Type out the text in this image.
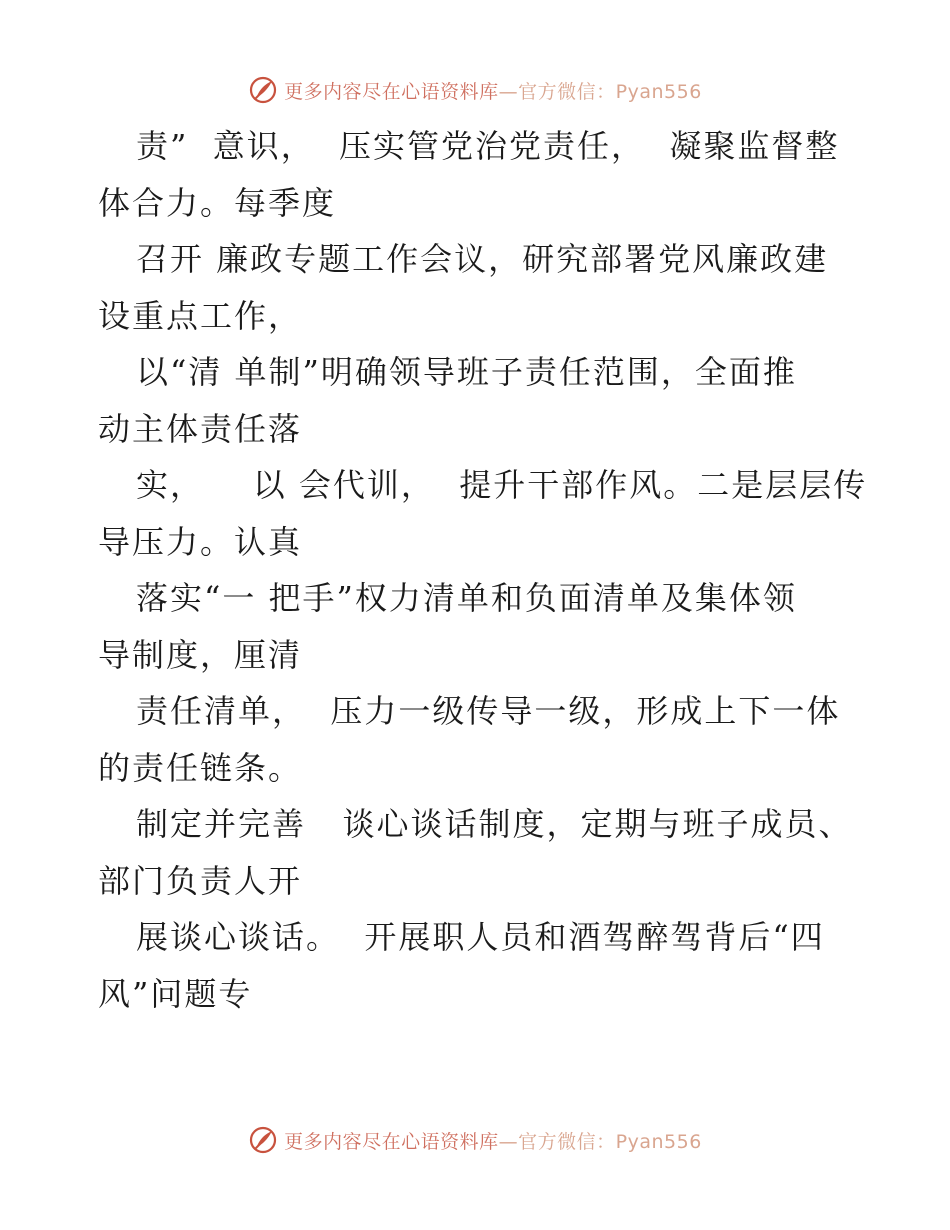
更多内容尽在心语资料库—官方微信：Pyan556
责”  意识，  压实管党治党责任，  凝聚监督整
体合力。每季度
召开 廉政专题工作会议，研究部署党风廉政建
设重点工作，
以“清 单制”明确领导班子责任范围，全面推
动主体责任落
实，    以 会代训，  提升干部作风。二是层层传
导压力。认真
落实“一 把手”权力清单和负面清单及集体领
导制度，厘清
责任清单，  压力一级传导一级，形成上下一体
的责任链条。
制定并完善   谈心谈话制度，定期与班子成员、
部门负责人开
展谈心谈话。  开展职人员和酒驾醉驾背后“四
风”问题专
更多内容尽在心语资料库—官方微信：Pyan556
